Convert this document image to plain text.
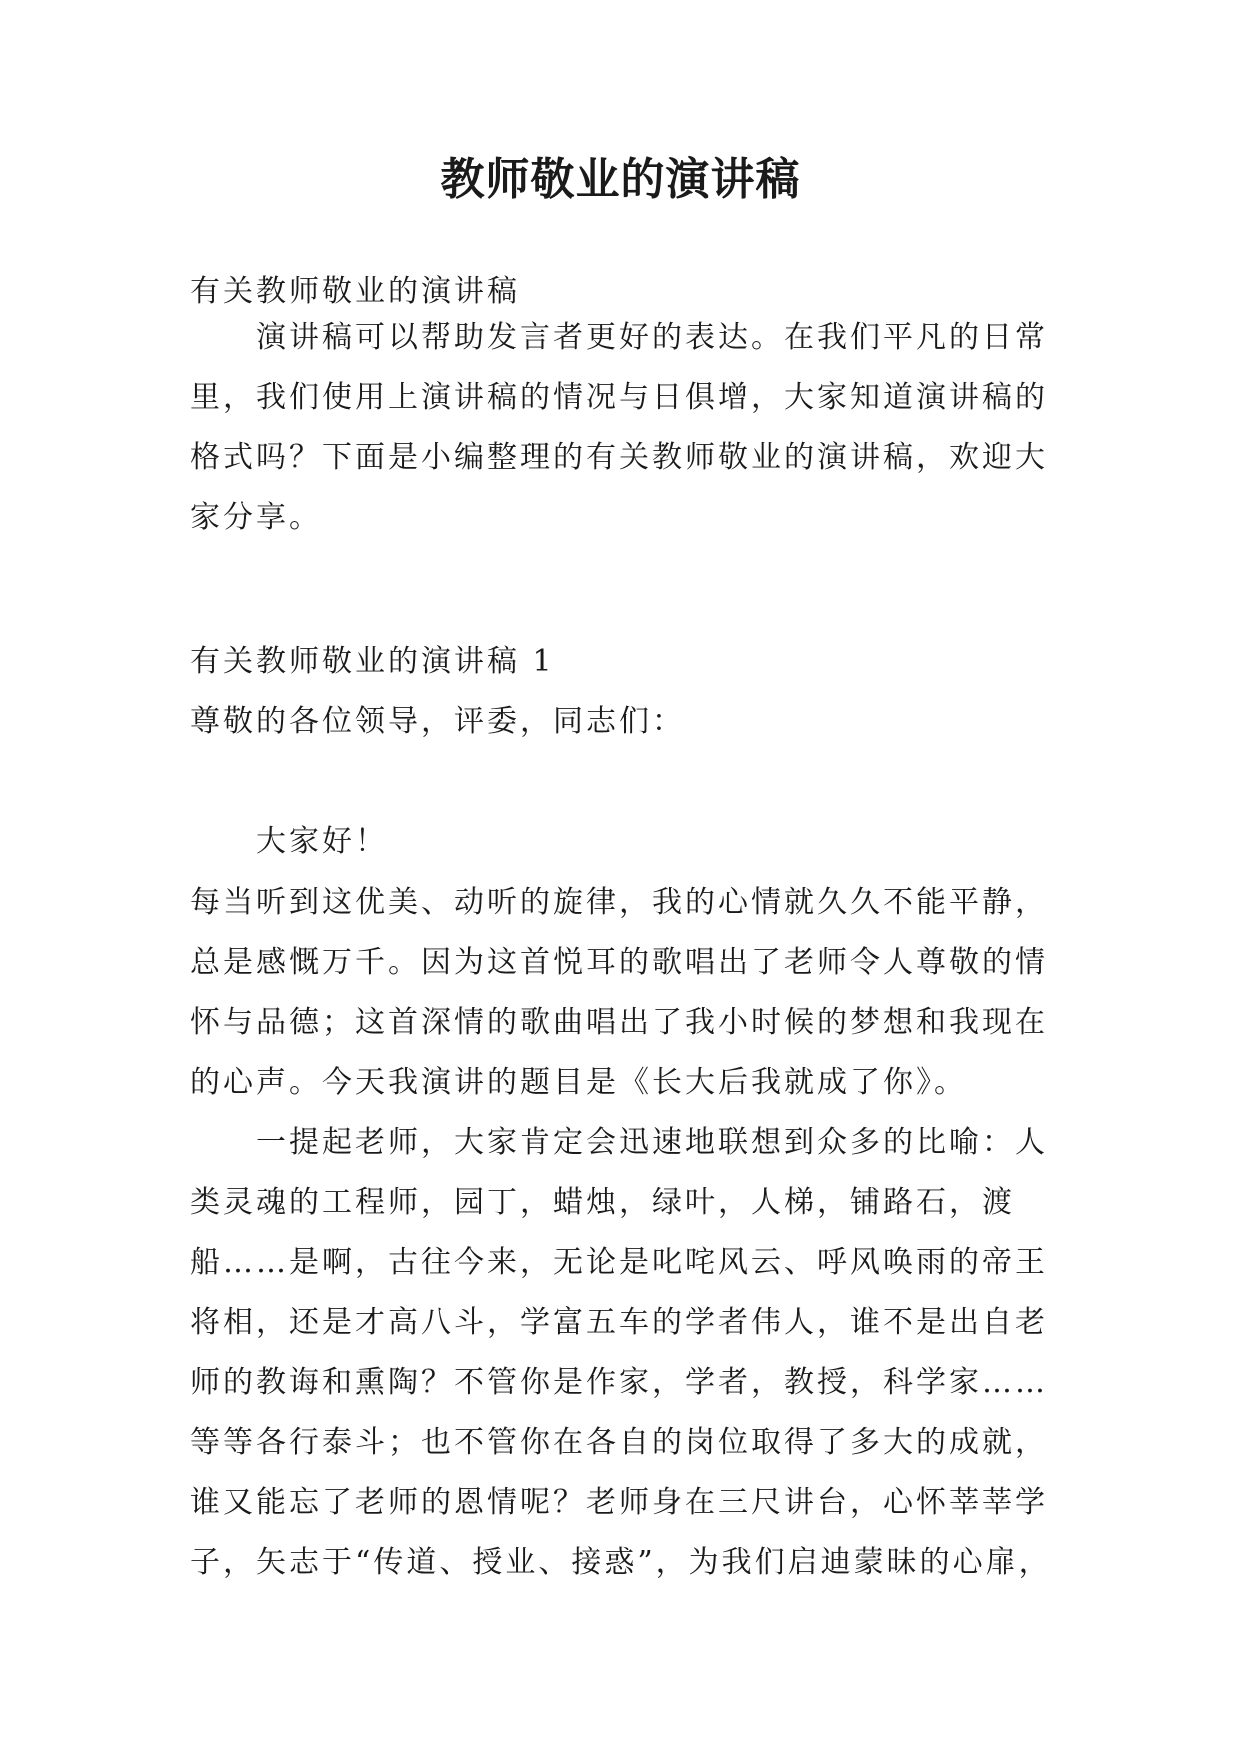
教师敬业的演讲稿

有关教师敬业的演讲稿

演讲稿可以帮助发言者更好的表达。在我们平凡的日常

里，我们使用上演讲稿的情况与日俱增，大家知道演讲稿的

格式吗？下面是小编整理的有关教师敬业的演讲稿，欢迎大

家分享。

有关教师敬业的演讲稿 1

尊敬的各位领导，评委，同志们：

大家好！

每当听到这优美、动听的旋律，我的心情就久久不能平静，

总是感慨万千。因为这首悦耳的歌唱出了老师令人尊敬的情

怀与品德；这首深情的歌曲唱出了我小时候的梦想和我现在

的心声。今天我演讲的题目是《长大后我就成了你》。

一提起老师，大家肯定会迅速地联想到众多的比喻：人

类灵魂的工程师，园丁，蜡烛，绿叶，人梯，铺路石，渡

船……是啊，古往今来，无论是叱咤风云、呼风唤雨的帝王

将相，还是才高八斗，学富五车的学者伟人，谁不是出自老

师的教诲和熏陶？不管你是作家，学者，教授，科学家……

等等各行泰斗；也不管你在各自的岗位取得了多大的成就，

谁又能忘了老师的恩情呢？老师身在三尺讲台，心怀莘莘学

子，矢志于“传道、授业、接惑”，为我们启迪蒙昧的心扉，
